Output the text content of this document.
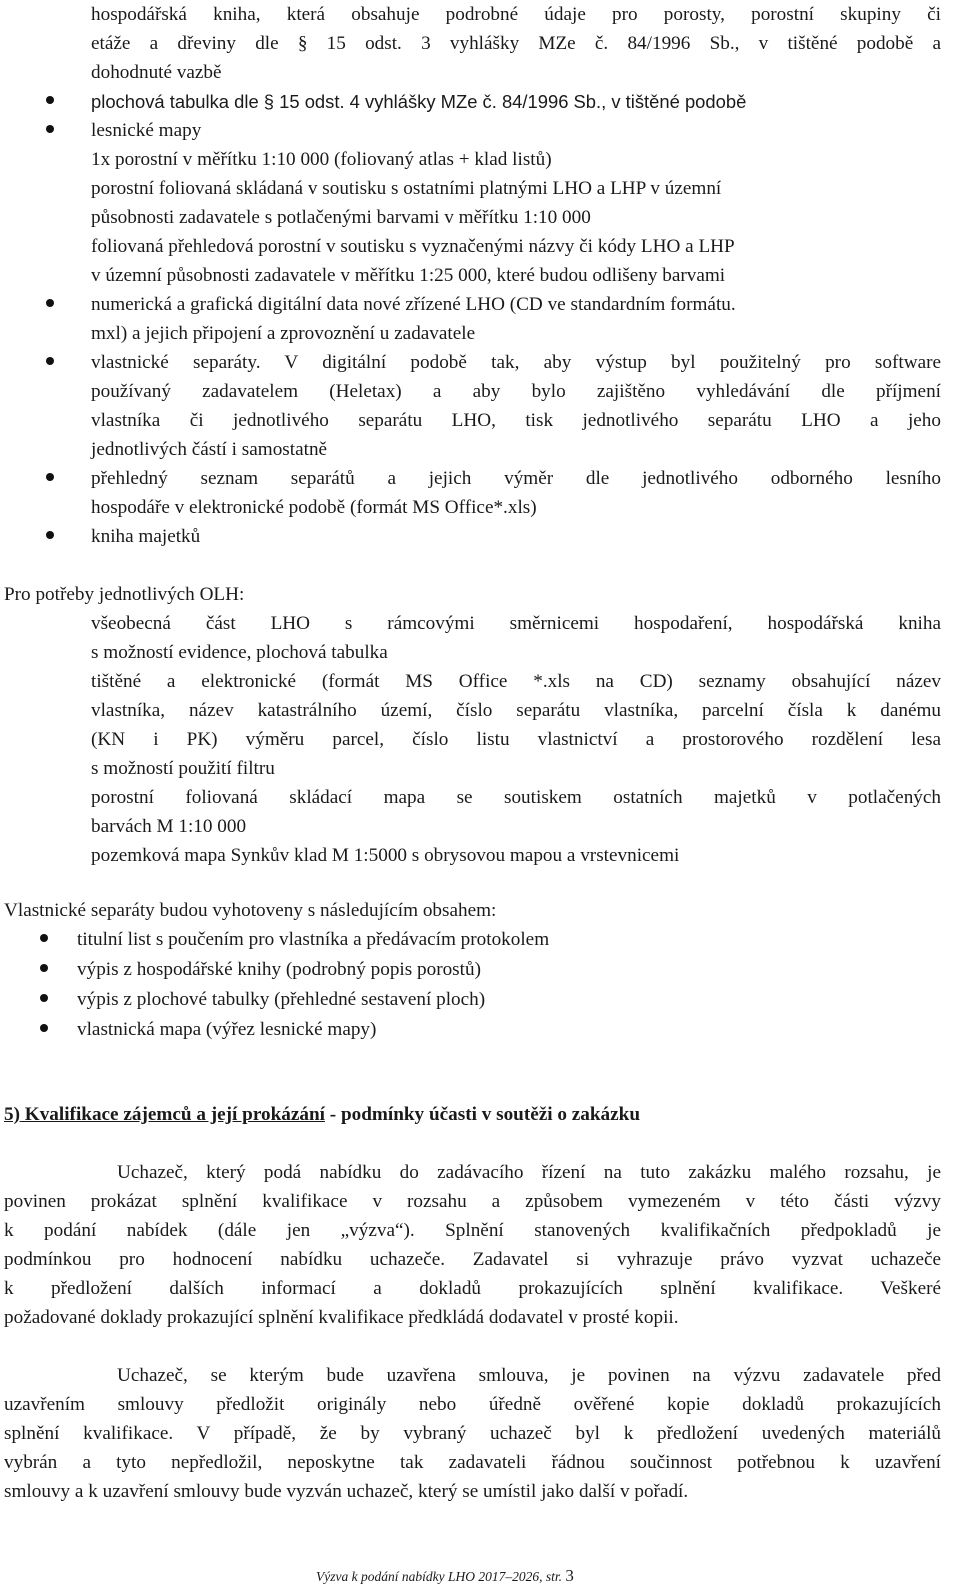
hospodářská kniha, která obsahuje podrobné údaje pro porosty, porostní skupiny či

etáže a dřeviny dle § 15 odst. 3 vyhlášky MZe č. 84/1996 Sb., v tištěné podobě a

dohodnuté vazbě

plochová tabulka dle § 15 odst. 4 vyhlášky MZe č. 84/1996 Sb., v tištěné podobě

lesnické mapy

1x porostní v měřítku 1:10 000 (foliovaný atlas + klad listů)

porostní foliovaná skládaná v soutisku s ostatními platnými LHO a LHP v územní

působnosti zadavatele s potlačenými barvami v měřítku 1:10 000

foliovaná přehledová porostní v soutisku s vyznačenými názvy či kódy LHO a LHP

v územní působnosti zadavatele v měřítku 1:25 000, které budou odlišeny barvami

numerická a grafická digitální data nové zřízené LHO (CD ve standardním formátu.

mxl) a jejich připojení a zprovoznění u zadavatele

vlastnické separáty. V digitální podobě tak, aby výstup byl použitelný pro software

používaný zadavatelem (Heletax) a aby bylo zajištěno vyhledávání dle příjmení

vlastníka či jednotlivého separátu LHO, tisk jednotlivého separátu LHO a jeho

jednotlivých částí i samostatně

přehledný seznam separátů a jejich výměr dle jednotlivého odborného lesního

hospodáře v elektronické podobě (formát MS Office*.xls)

kniha majetků

Pro potřeby jednotlivých OLH:

všeobecná část LHO s rámcovými směrnicemi hospodaření, hospodářská kniha

s možností evidence, plochová tabulka

tištěné a elektronické (formát MS Office *.xls na CD) seznamy obsahující název

vlastníka, název katastrálního území, číslo separátu vlastníka, parcelní čísla k danému

(KN i PK) výměru parcel, číslo listu vlastnictví a prostorového rozdělení lesa

s možností použití filtru

porostní foliovaná skládací mapa se soutiskem ostatních majetků v potlačených

barvách M 1:10 000

pozemková mapa Synkův klad M 1:5000 s obrysovou mapou a vrstevnicemi

Vlastnické separáty budou vyhotoveny s následujícím obsahem:

titulní list s poučením pro vlastníka a předávacím protokolem

výpis z hospodářské knihy (podrobný popis porostů)

výpis z plochové tabulky (přehledné sestavení ploch)

vlastnická mapa (výřez lesnické mapy)

5) Kvalifikace zájemců a její prokázání - podmínky účasti v soutěži o zakázku

Uchazeč, který podá nabídku do zadávacího řízení na tuto zakázku malého rozsahu, je

povinen prokázat splnění kvalifikace v rozsahu a způsobem vymezeném v této části výzvy

k podání nabídek (dále jen „výzva“). Splnění stanovených kvalifikačních předpokladů je

podmínkou pro hodnocení nabídku uchazeče. Zadavatel si vyhrazuje právo vyzvat uchazeče

k předložení dalších informací a dokladů prokazujících splnění kvalifikace. Veškeré

požadované doklady prokazující splnění kvalifikace předkládá dodavatel v prosté kopii.

Uchazeč, se kterým bude uzavřena smlouva, je povinen na výzvu zadavatele před

uzavřením smlouvy předložit originály nebo úředně ověřené kopie dokladů prokazujících

splnění kvalifikace. V případě, že by vybraný uchazeč byl k předložení uvedených materiálů

vybrán a tyto nepředložil, neposkytne tak zadavateli řádnou součinnost potřebnou k uzavření

smlouvy a k uzavření smlouvy bude vyzván uchazeč, který se umístil jako další v pořadí.

Výzva k podání nabídky LHO 2017–2026, str. 3
